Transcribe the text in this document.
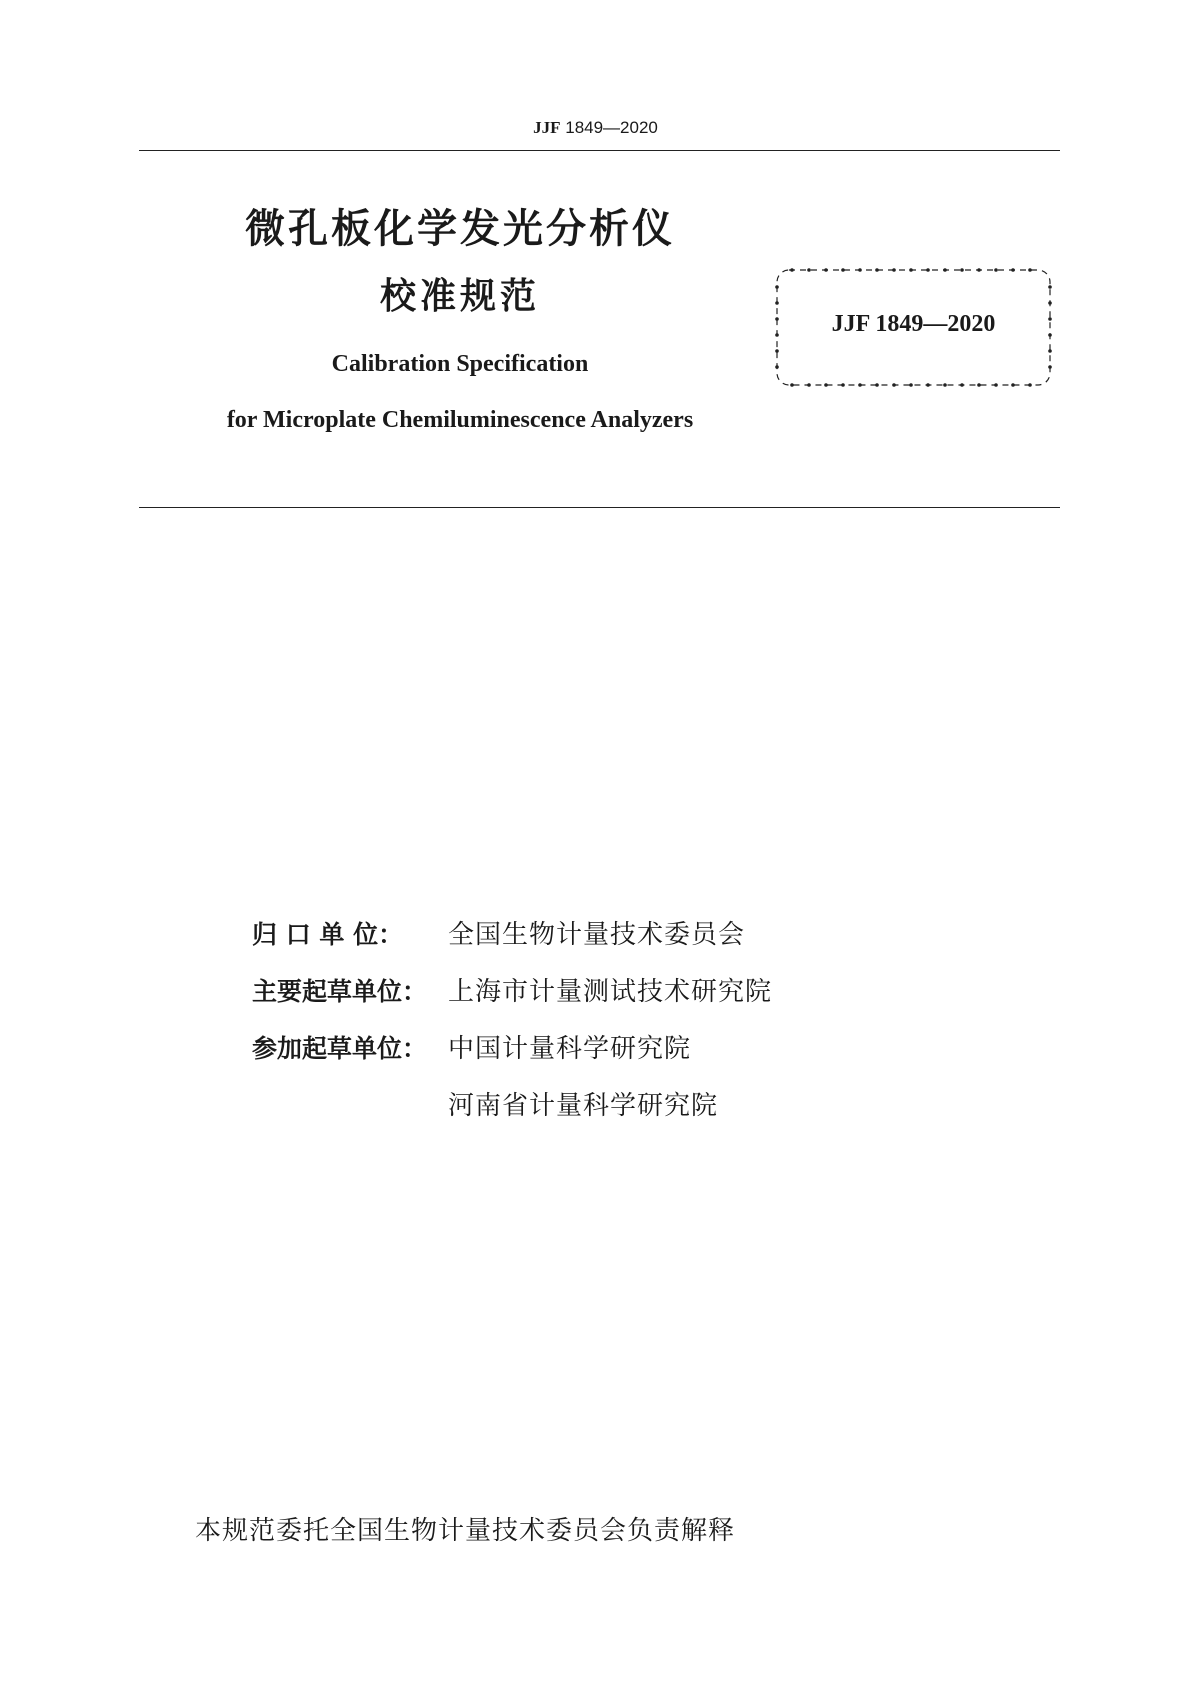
JJF 1849—2020
微孔板化学发光分析仪
校准规范
Calibration Specification
for Microplate Chemiluminescence Analyzers
JJF 1849—2020
归 口 单 位：	全国生物计量技术委员会
主要起草单位： 上海市计量测试技术研究院
参加起草单位： 中国计量科学研究院
河南省计量科学研究院
本规范委托全国生物计量技术委员会负责解释
